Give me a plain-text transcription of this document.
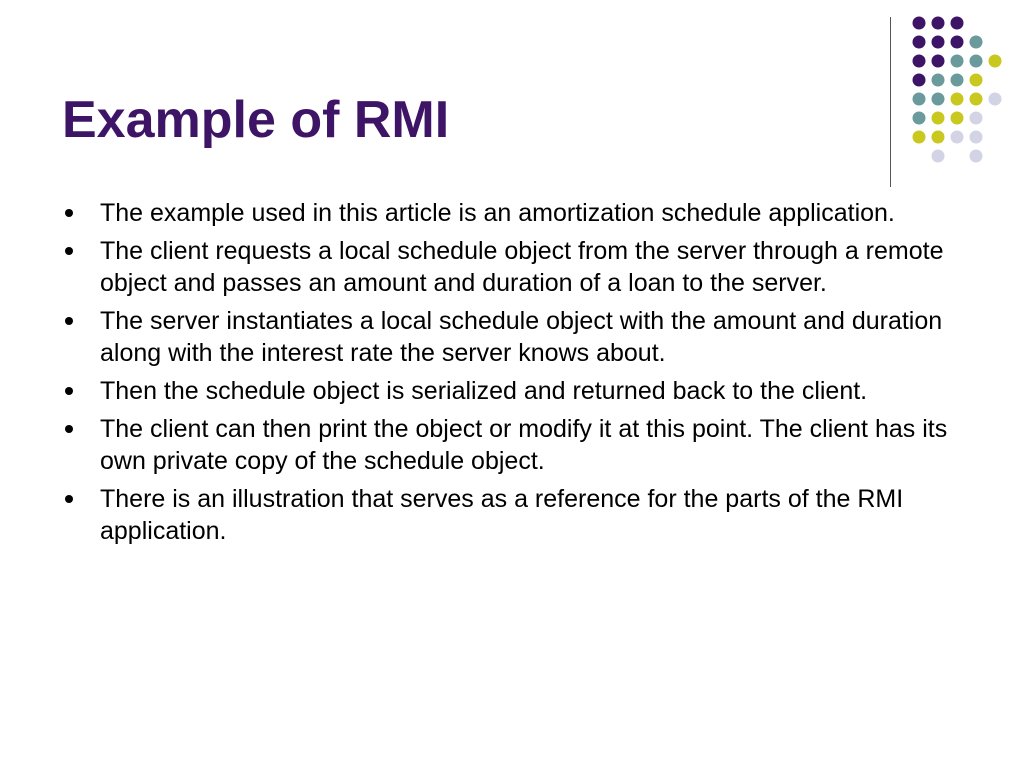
Example of RMI
The example used in this article is an amortization schedule application.
The client requests a local schedule object from the server through a remote object and passes an amount and duration of a loan to the server.
The server instantiates a local schedule object with the amount and duration along with the interest rate the server knows about.
Then the schedule object is serialized and returned back to the client.
The client can then print the object or modify it at this point. The client has its own private copy of the schedule object.
There is an illustration that serves as a reference for the parts of the RMI application.
